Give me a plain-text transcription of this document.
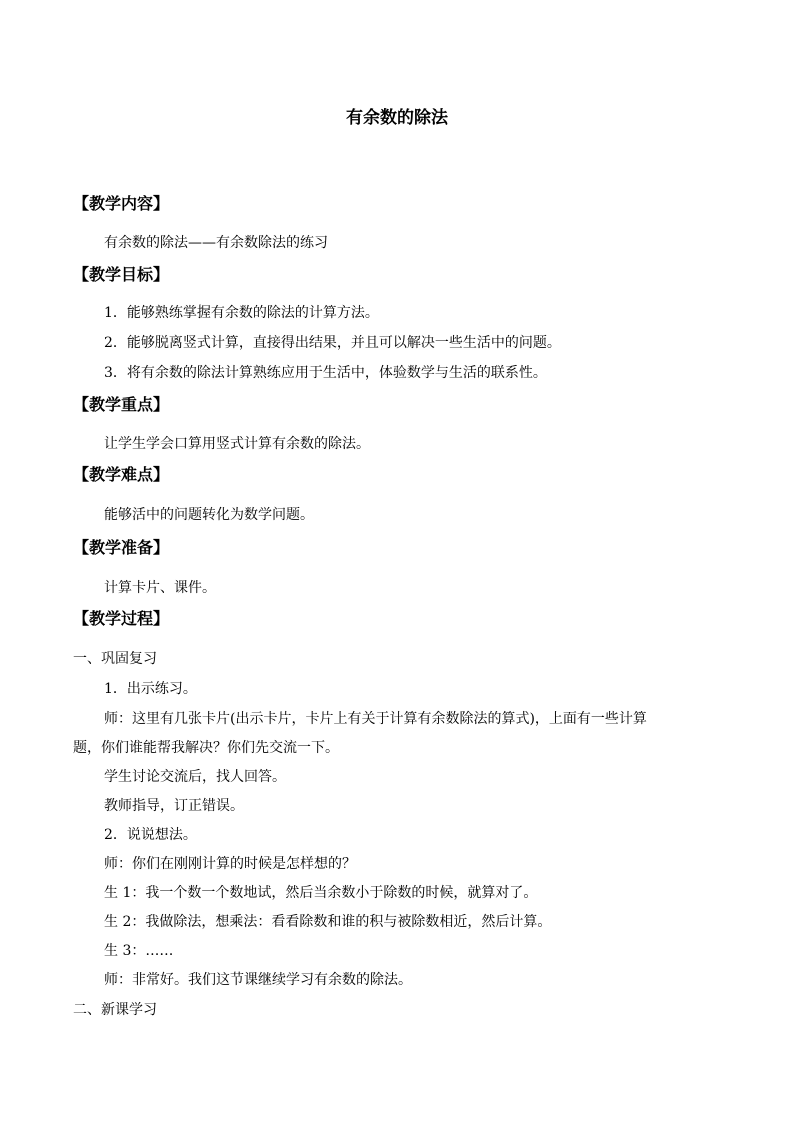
有余数的除法
【教学内容】
有余数的除法——有余数除法的练习
【教学目标】
1．能够熟练掌握有余数的除法的计算方法。
2．能够脱离竖式计算，直接得出结果，并且可以解决一些生活中的问题。
3．将有余数的除法计算熟练应用于生活中，体验数学与生活的联系性。
【教学重点】
让学生学会口算用竖式计算有余数的除法。
【教学难点】
能够活中的问题转化为数学问题。
【教学准备】
计算卡片、课件。
【教学过程】
一、巩固复习
1．出示练习。
师：这里有几张卡片(出示卡片，卡片上有关于计算有余数除法的算式)，上面有一些计算
题，你们谁能帮我解决？你们先交流一下。
学生讨论交流后，找人回答。
教师指导，订正错误。
2．说说想法。
师：你们在刚刚计算的时候是怎样想的？
生 1：我一个数一个数地试，然后当余数小于除数的时候，就算对了。
生 2：我做除法，想乘法：看看除数和谁的积与被除数相近，然后计算。
生 3：……
师：非常好。我们这节课继续学习有余数的除法。
二、新课学习
